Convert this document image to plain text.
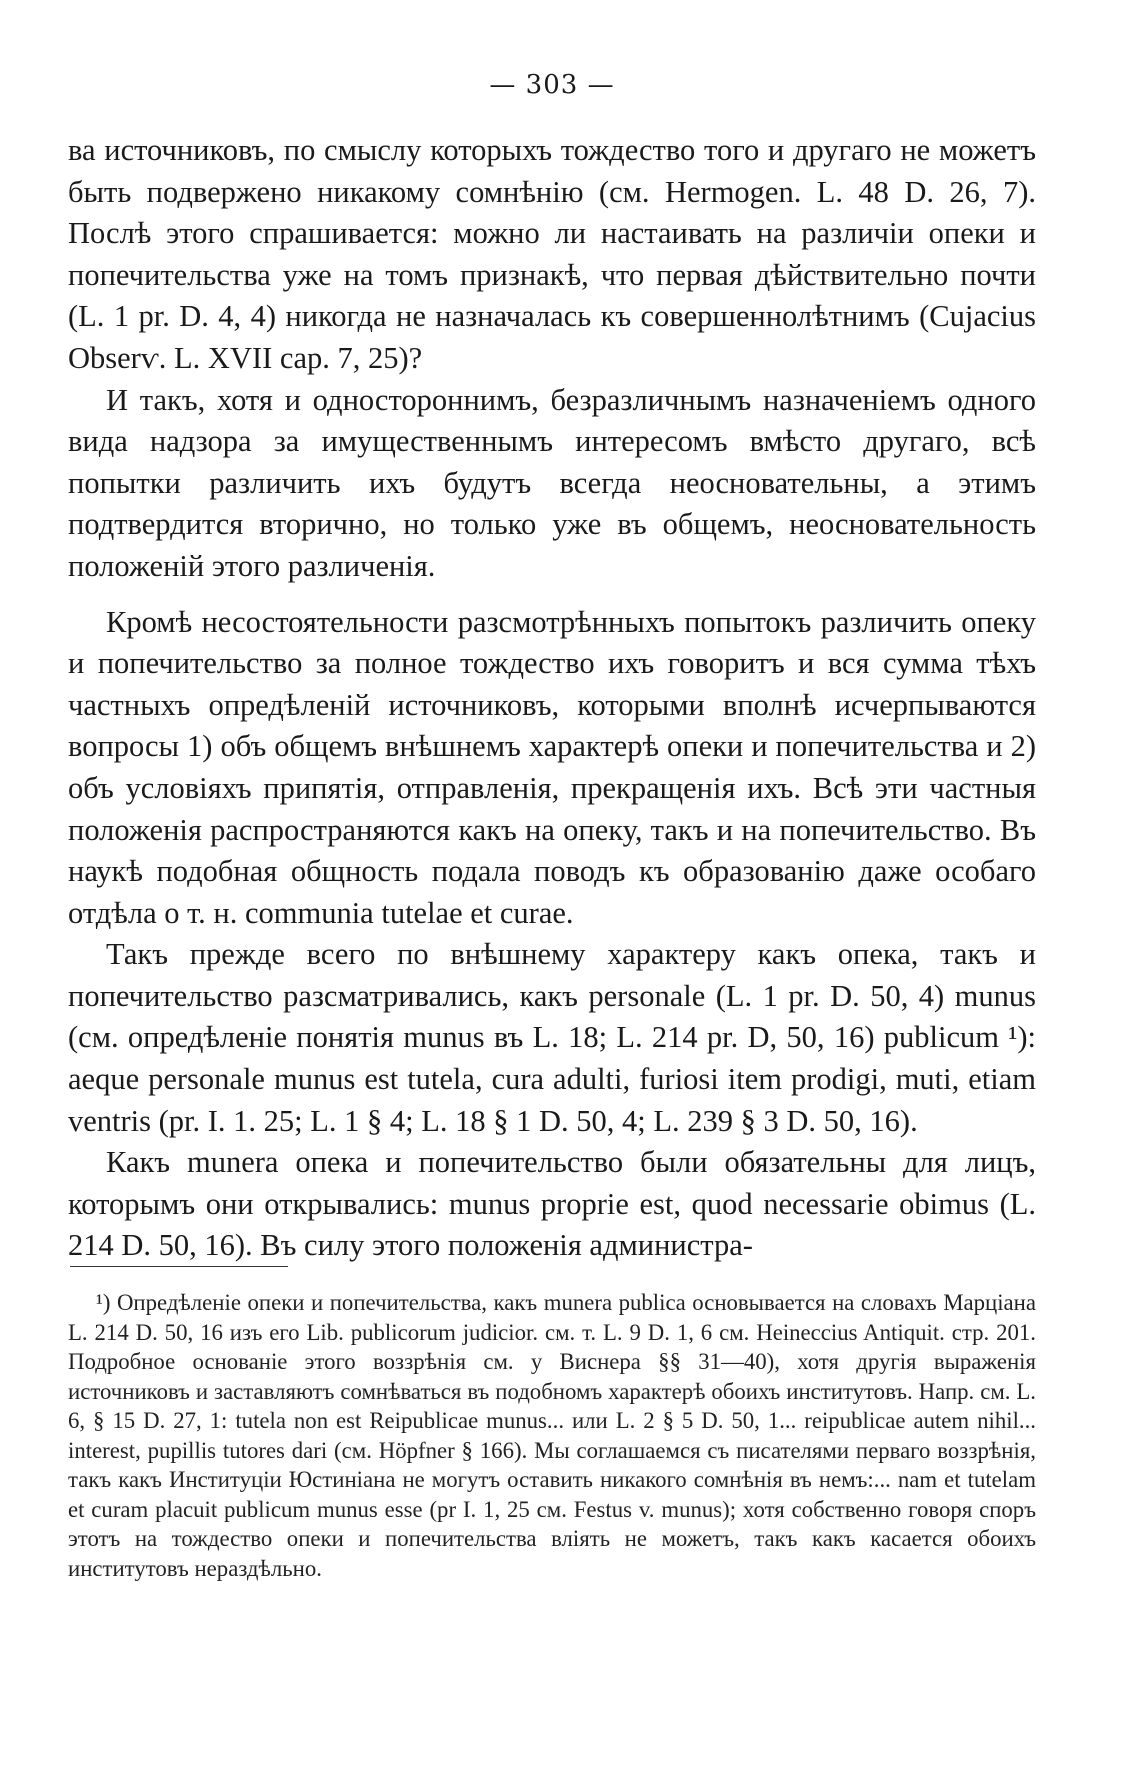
— 303 —

ва источниковъ, по смыслу которыхъ тождество того и другаго не можетъ быть подвержено никакому сомнѣнію (см. Hermogen. L. 48 D. 26, 7). Послѣ этого спрашивается: можно ли настаивать на различіи опеки и попечительства уже на томъ признакѣ, что первая дѣйствительно почти (L. 1 pr. D. 4, 4) никогда не назначалась къ совершеннолѣтнимъ (Cujacius Obserѵ. L. XVII cap. 7, 25)?

И такъ, хотя и одностороннимъ, безразличнымъ назначеніемъ одного вида надзора за имущественнымъ интересомъ вмѣсто другаго, всѣ попытки различить ихъ будутъ всегда неосновательны, а этимъ подтвердится вторично, но только уже въ общемъ, неосновательность положеній этого различенія.

Кромѣ несостоятельности разсмотрѣнныхъ попытокъ различить опеку и попечительство за полное тождество ихъ говоритъ и вся сумма тѣхъ частныхъ опредѣленій источниковъ, которыми вполнѣ исчерпываются вопросы 1) объ общемъ внѣшнемъ характерѣ опеки и попечительства и 2) объ условіяхъ припятія, отправленія, прекращенія ихъ. Всѣ эти частныя положенія распространяются какъ на опеку, такъ и на попечительство. Въ наукѣ подобная общность подала поводъ къ образованію даже особаго отдѣла о т. н. communia tutelae et curae.

Такъ прежде всего по внѣшнему характеру какъ опека, такъ и попечительство разсматривались, какъ personale (L. 1 pr. D. 50, 4) munus (см. опредѣленіе понятія munus въ L. 18; L. 214 pr. D, 50, 16) publicum ¹): aeque personale munus est tutela, cura adulti, furiosi item prodigi, muti, etiam ventris (pr. I. 1. 25; L. 1 § 4; L. 18 § 1 D. 50, 4; L. 239 § 3 D. 50, 16).

Какъ munera опека и попечительство были обязательны для лицъ, которымъ они открывались: munus proprie est, quod necessarie obimus (L. 214 D. 50, 16). Въ силу этого положенія администра-

¹) Опредѣленіе опеки и попечительства, какъ munera publica основывается на словахъ Марціана L. 214 D. 50, 16 изъ его Lib. publicorum judicior. см. т. L. 9 D. 1, 6 см. Heineccius Antiquit. стр. 201. Подробное основаніе этого воззрѣнія см. у Виснера §§ 31—40), хотя другія выраженія источниковъ и заставляютъ сомнѣваться въ подобномъ характерѣ обоихъ институтовъ. Напр. см. L. 6, § 15 D. 27, 1: tutela non est Reipublicae munus... или L. 2 § 5 D. 50, 1... reipublicae autem nihil... interest, pupillis tutores dari (см. Höpfner § 166). Мы соглашаемся съ писателями перваго воззрѣнія, такъ какъ Институціи Юстиніана не могутъ оставить никакого сомнѣнія въ немъ:... nam et tutelam et curam placuit publicum munus esse (pr I. 1, 25 см. Festus v. munus); хотя собственно говоря споръ этотъ на тождество опеки и попечительства вліять не можетъ, такъ какъ касается обоихъ институтовъ нераздѣльно.
